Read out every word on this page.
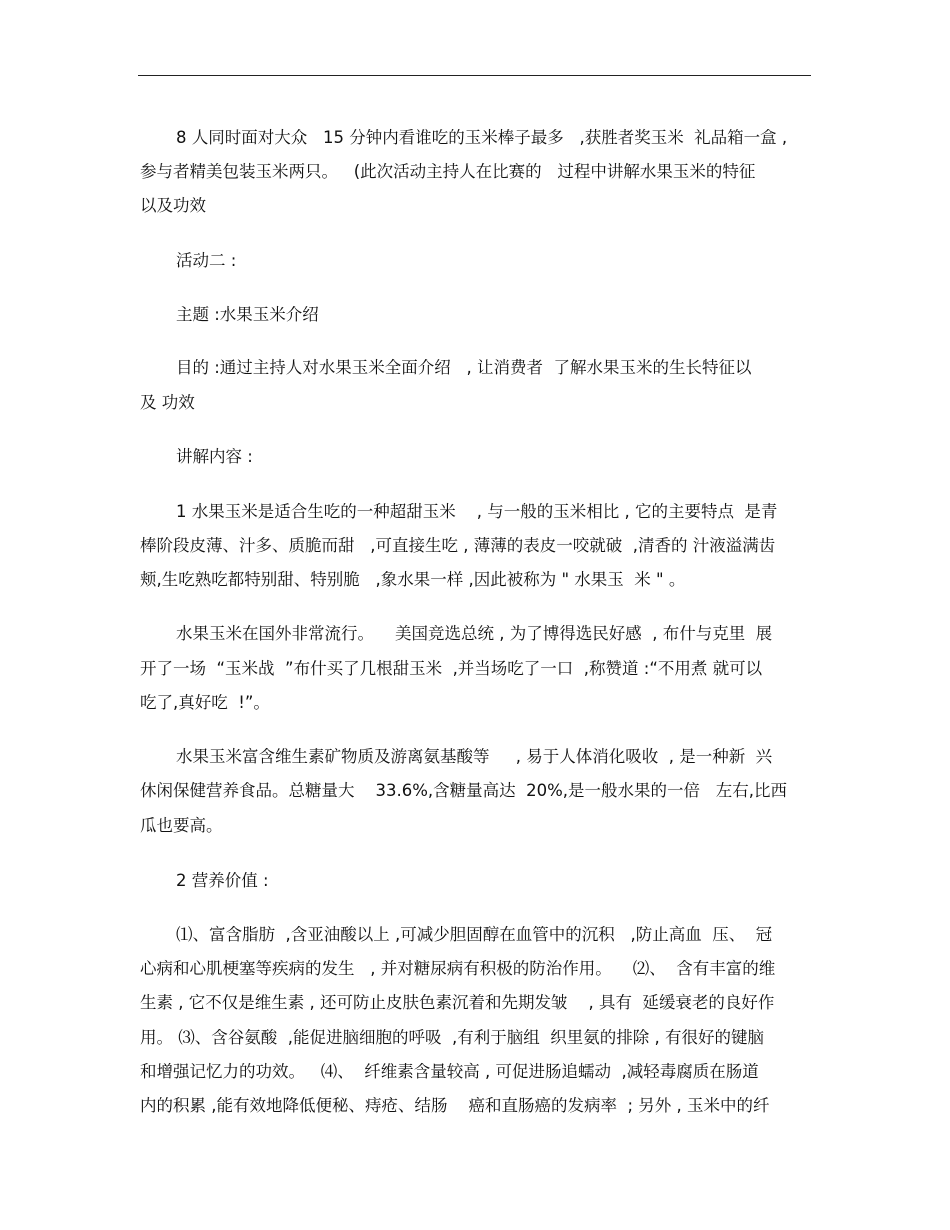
8 人同时面对大众   15 分钟内看谁吃的玉米棒子最多   ,获胜者奖玉米  礼品箱一盒 ,
参与者精美包装玉米两只。   (此次活动主持人在比赛的   过程中讲解水果玉米的特征
以及功效
活动二 :
主题 :水果玉米介绍
目的 :通过主持人对水果玉米全面介绍   , 让消费者  了解水果玉米的生长特征以
及 功效
讲解内容 :
1 水果玉米是适合生吃的一种超甜玉米    , 与一般的玉米相比 , 它的主要特点  是青
棒阶段皮薄、汁多、质脆而甜   ,可直接生吃 , 薄薄的表皮一咬就破  ,清香的 汁液溢满齿
颊,生吃熟吃都特别甜、特别脆   ,象水果一样 ,因此被称为 " 水果玉  米 " 。
水果玉米在国外非常流行。    美国竞选总统 , 为了博得选民好感  , 布什与克里  展
开了一场  “玉米战  ”布什买了几根甜玉米  ,并当场吃了一口  ,称赞道 :“不用煮 就可以
吃了,真好吃  !”。
水果玉米富含维生素矿物质及游离氨基酸等     , 易于人体消化吸收  , 是一种新  兴
休闲保健营养食品。总糖量大    33.6%,含糖量高达  20%,是一般水果的一倍   左右,比西
瓜也要高。
2 营养价值 :
⑴、富含脂肪  ,含亚油酸以上 ,可减少胆固醇在血管中的沉积   ,防止高血  压、  冠
心病和心肌梗塞等疾病的发生   , 并对糖尿病有积极的防治作用。    ⑵、  含有丰富的维
生素 , 它不仅是维生素 , 还可防止皮肤色素沉着和先期发皱    , 具有  延缓衰老的良好作
用。 ⑶、含谷氨酸  ,能促进脑细胞的呼吸  ,有利于脑组  织里氨的排除 , 有很好的键脑
和增强记忆力的功效。   ⑷、  纤维素含量较高 , 可促进肠追蠕动  ,减轻毒腐质在肠道
内的积累 ,能有效地降低便秘、痔疮、结肠    癌和直肠癌的发病率  ; 另外 , 玉米中的纤
